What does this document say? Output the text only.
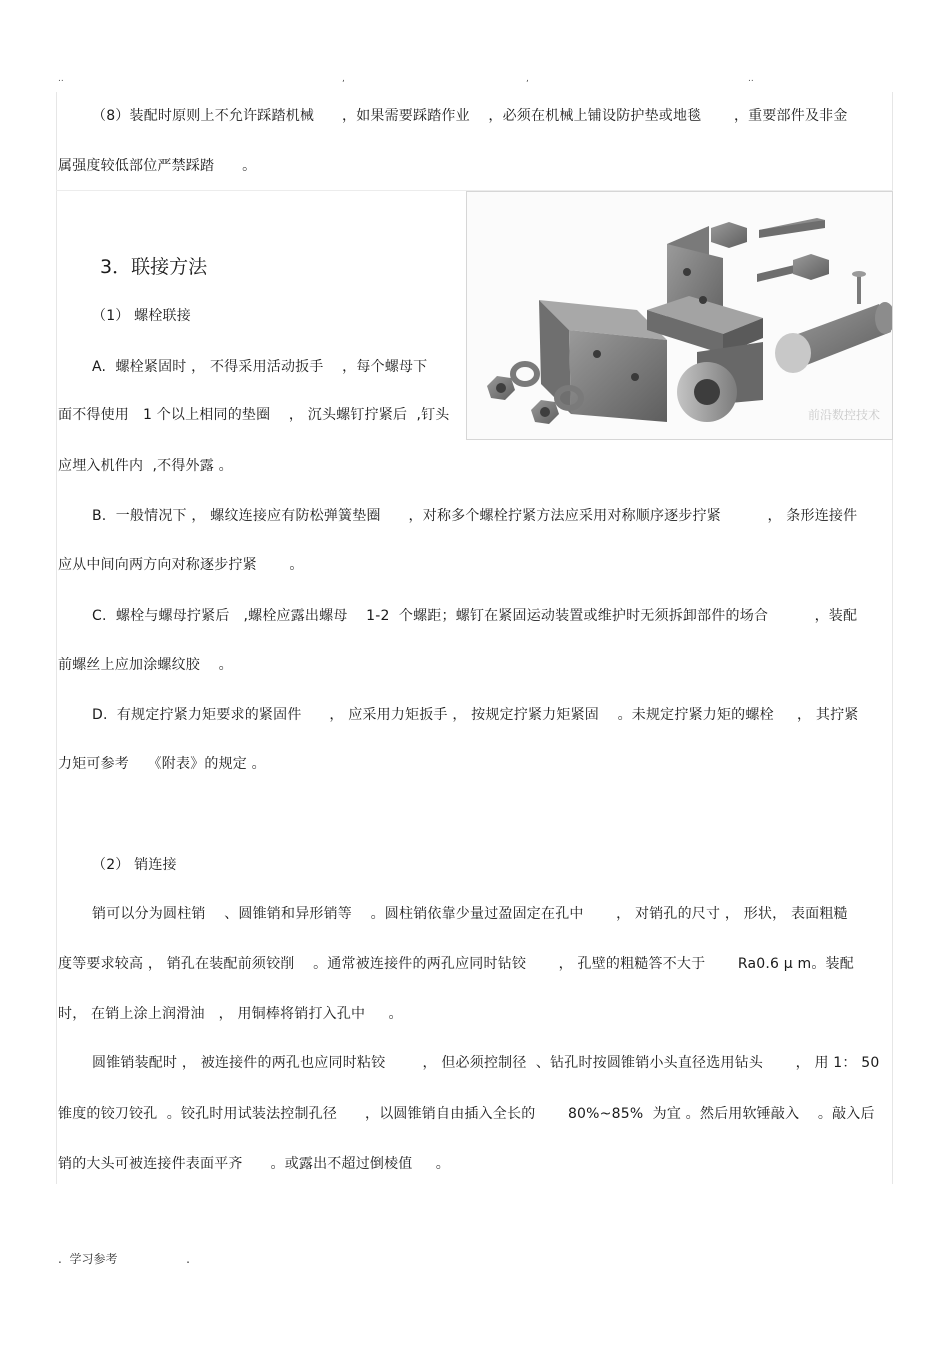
..	,	,	..
（8）装配时原则上不允许踩踏机械      ，如果需要踩踏作业    ，必须在机械上铺设防护垫或地毯       ，重要部件及非金
属强度较低部位严禁踩踏      。
3．联接方法
（1） 螺栓联接
A.  螺栓紧固时 ， 不得采用活动扳手    ，每个螺母下
面不得使用   1 个以上相同的垫圈    ， 沉头螺钉拧紧后  ,钉头
应埋入机件内  ,不得外露 。
B.  一般情况下 ， 螺纹连接应有防松弹簧垫圈      ，对称多个螺栓拧紧方法应采用对称顺序逐步拧紧          ， 条形连接件
应从中间向两方向对称逐步拧紧       。
C.  螺栓与螺母拧紧后   ,螺栓应露出螺母    1-2  个螺距；螺钉在紧固运动装置或维护时无须拆卸部件的场合          ，装配
前螺丝上应加涂螺纹胶    。
D.  有规定拧紧力矩要求的紧固件      ， 应采用力矩扳手 ， 按规定拧紧力矩紧固    。未规定拧紧力矩的螺栓     ， 其拧紧
力矩可参考    《附表》的规定 。
（2） 销连接
销可以分为圆柱销    、圆锥销和异形销等    。圆柱销依靠少量过盈固定在孔中       ， 对销孔的尺寸 ， 形状， 表面粗糙
度等要求较高 ， 销孔在装配前须铰削    。通常被连接件的两孔应同时钻铰       ， 孔壁的粗糙答不大于       Ra0.6 μ m。装配
时， 在销上涂上润滑油   ， 用铜棒将销打入孔中     。
圆锥销装配时 ， 被连接件的两孔也应同时粘铰        ， 但必须控制径  、钻孔时按圆锥销小头直径选用钻头       ， 用 1： 50
锥度的铰刀铰孔  。铰孔时用试装法控制孔径      ，以圆锥销自由插入全长的       80%~85%  为宜 。然后用软锤敲入    。敲入后
销的大头可被连接件表面平齐      。或露出不超过倒棱值     。
前沿数控技术
.  学习参考                  .
